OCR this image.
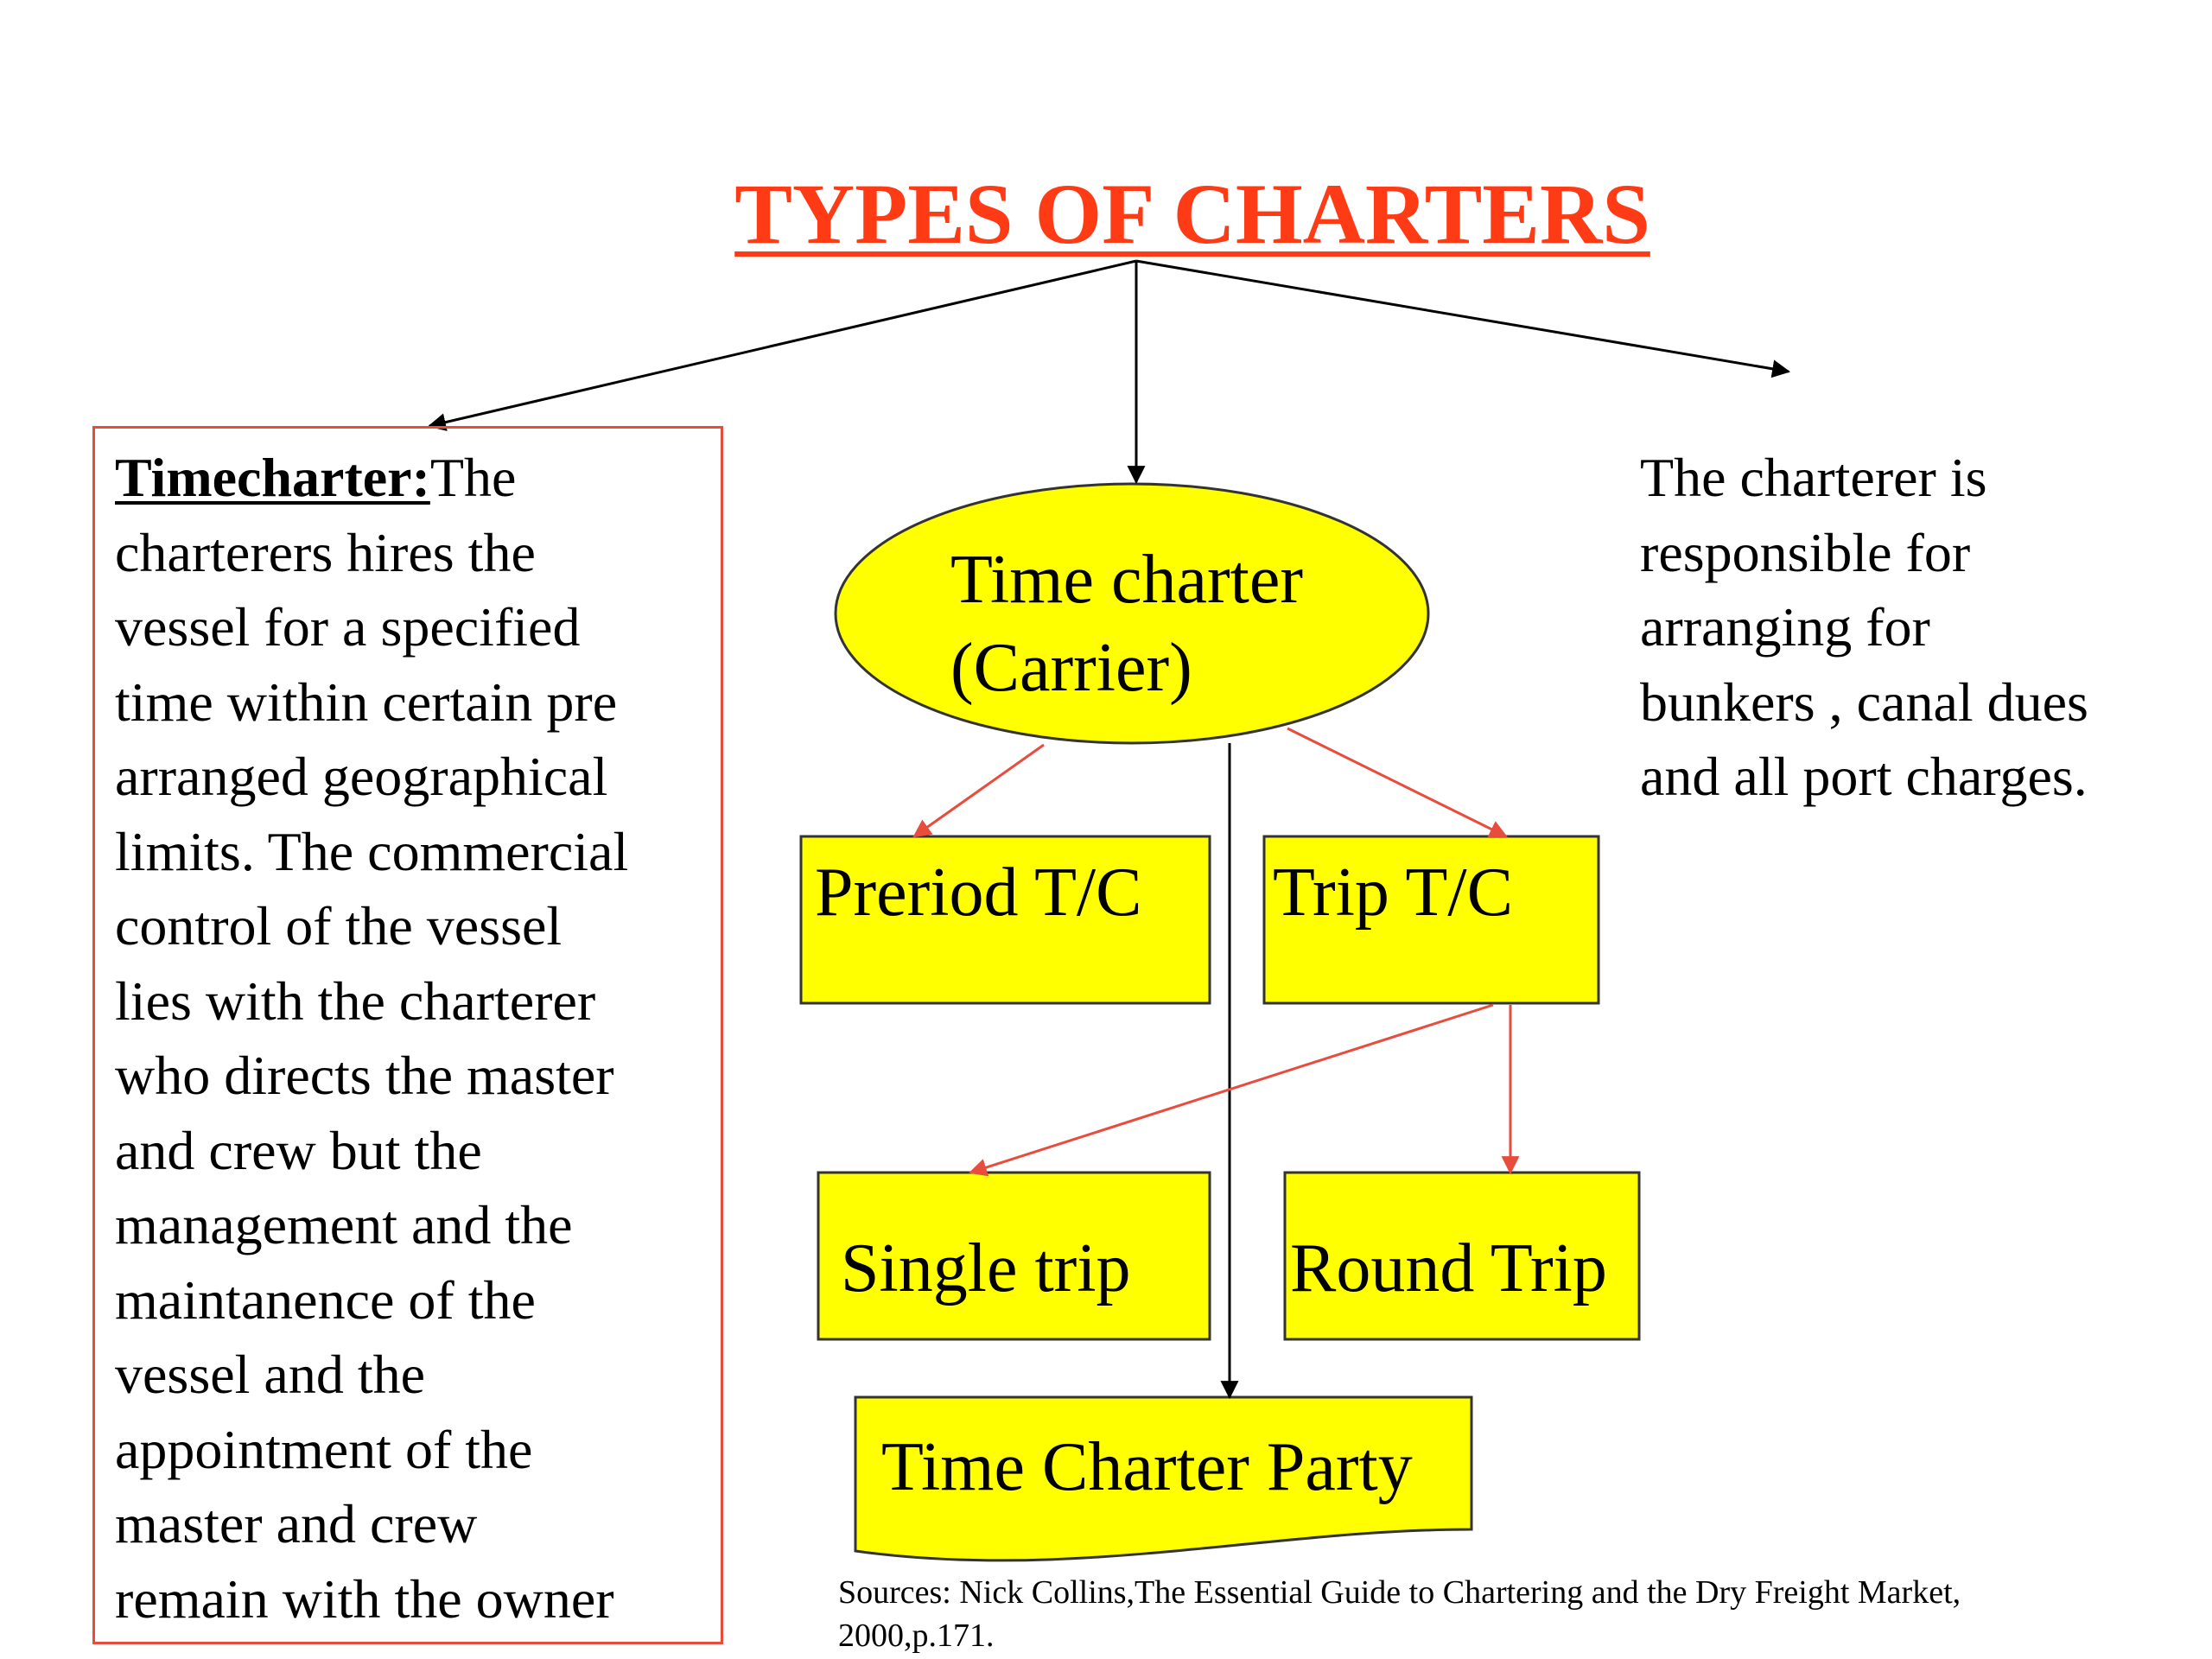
TYPES OF CHARTERS
Timecharter:The
charterers hires the
vessel for a specified
time within certain pre
arranged geographical
limits. The commercial
control of the vessel
lies with the charterer
who directs the master
and crew but the
management and the
maintanence of the
vessel and the
appointment of the
master and crew
remain with the owner
Time charter
(Carrier)
Preriod T/C Trip T/C
Single trip Round Trip
Time Charter Party
The charterer is
responsible for
arranging for
bunkers , canal dues
and all port charges.
Sources: Nick Collins,The Essential Guide to Chartering and the Dry Freight Market,
2000,p.171.
